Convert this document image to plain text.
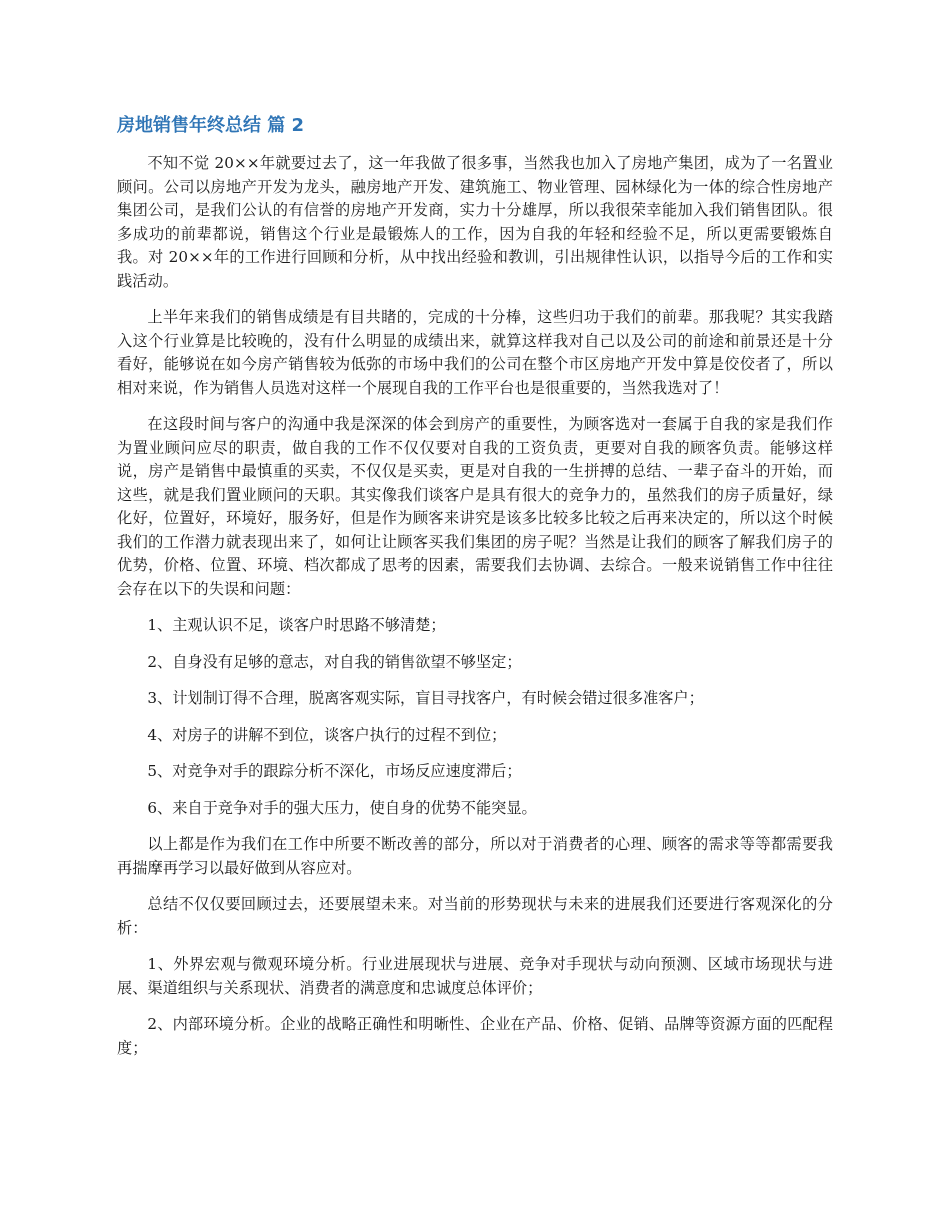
房地销售年终总结 篇 2

不知不觉 20××年就要过去了，这一年我做了很多事，当然我也加入了房地产集团，成为了一名置业顾问。公司以房地产开发为龙头，融房地产开发、建筑施工、物业管理、园林绿化为一体的综合性房地产集团公司，是我们公认的有信誉的房地产开发商，实力十分雄厚，所以我很荣幸能加入我们销售团队。很多成功的前辈都说，销售这个行业是最锻炼人的工作，因为自我的年轻和经验不足，所以更需要锻炼自我。对 20××年的工作进行回顾和分析，从中找出经验和教训，引出规律性认识，以指导今后的工作和实践活动。

上半年来我们的销售成绩是有目共睹的，完成的十分棒，这些归功于我们的前辈。那我呢？其实我踏入这个行业算是比较晚的，没有什么明显的成绩出来，就算这样我对自己以及公司的前途和前景还是十分看好，能够说在如今房产销售较为低弥的市场中我们的公司在整个市区房地产开发中算是佼佼者了，所以相对来说，作为销售人员选对这样一个展现自我的工作平台也是很重要的，当然我选对了！

在这段时间与客户的沟通中我是深深的体会到房产的重要性，为顾客选对一套属于自我的家是我们作为置业顾问应尽的职责，做自我的工作不仅仅要对自我的工资负责，更要对自我的顾客负责。能够这样说，房产是销售中最慎重的买卖，不仅仅是买卖，更是对自我的一生拼搏的总结、一辈子奋斗的开始，而这些，就是我们置业顾问的天职。其实像我们谈客户是具有很大的竞争力的，虽然我们的房子质量好，绿化好，位置好，环境好，服务好，但是作为顾客来讲究是该多比较多比较之后再来决定的，所以这个时候我们的工作潜力就表现出来了，如何让让顾客买我们集团的房子呢？当然是让我们的顾客了解我们房子的优势，价格、位置、环境、档次都成了思考的因素，需要我们去协调、去综合。一般来说销售工作中往往会存在以下的失误和问题：

1、主观认识不足，谈客户时思路不够清楚；

2、自身没有足够的意志，对自我的销售欲望不够坚定；

3、计划制订得不合理，脱离客观实际，盲目寻找客户，有时候会错过很多准客户；

4、对房子的讲解不到位，谈客户执行的过程不到位；

5、对竞争对手的跟踪分析不深化，市场反应速度滞后；

6、来自于竞争对手的强大压力，使自身的优势不能突显。

以上都是作为我们在工作中所要不断改善的部分，所以对于消费者的心理、顾客的需求等等都需要我再揣摩再学习以最好做到从容应对。

总结不仅仅要回顾过去，还要展望未来。对当前的形势现状与未来的进展我们还要进行客观深化的分析：

1、外界宏观与微观环境分析。行业进展现状与进展、竞争对手现状与动向预测、区域市场现状与进展、渠道组织与关系现状、消费者的满意度和忠诚度总体评价；

2、内部环境分析。企业的战略正确性和明晰性、企业在产品、价格、促销、品牌等资源方面的匹配程度；
